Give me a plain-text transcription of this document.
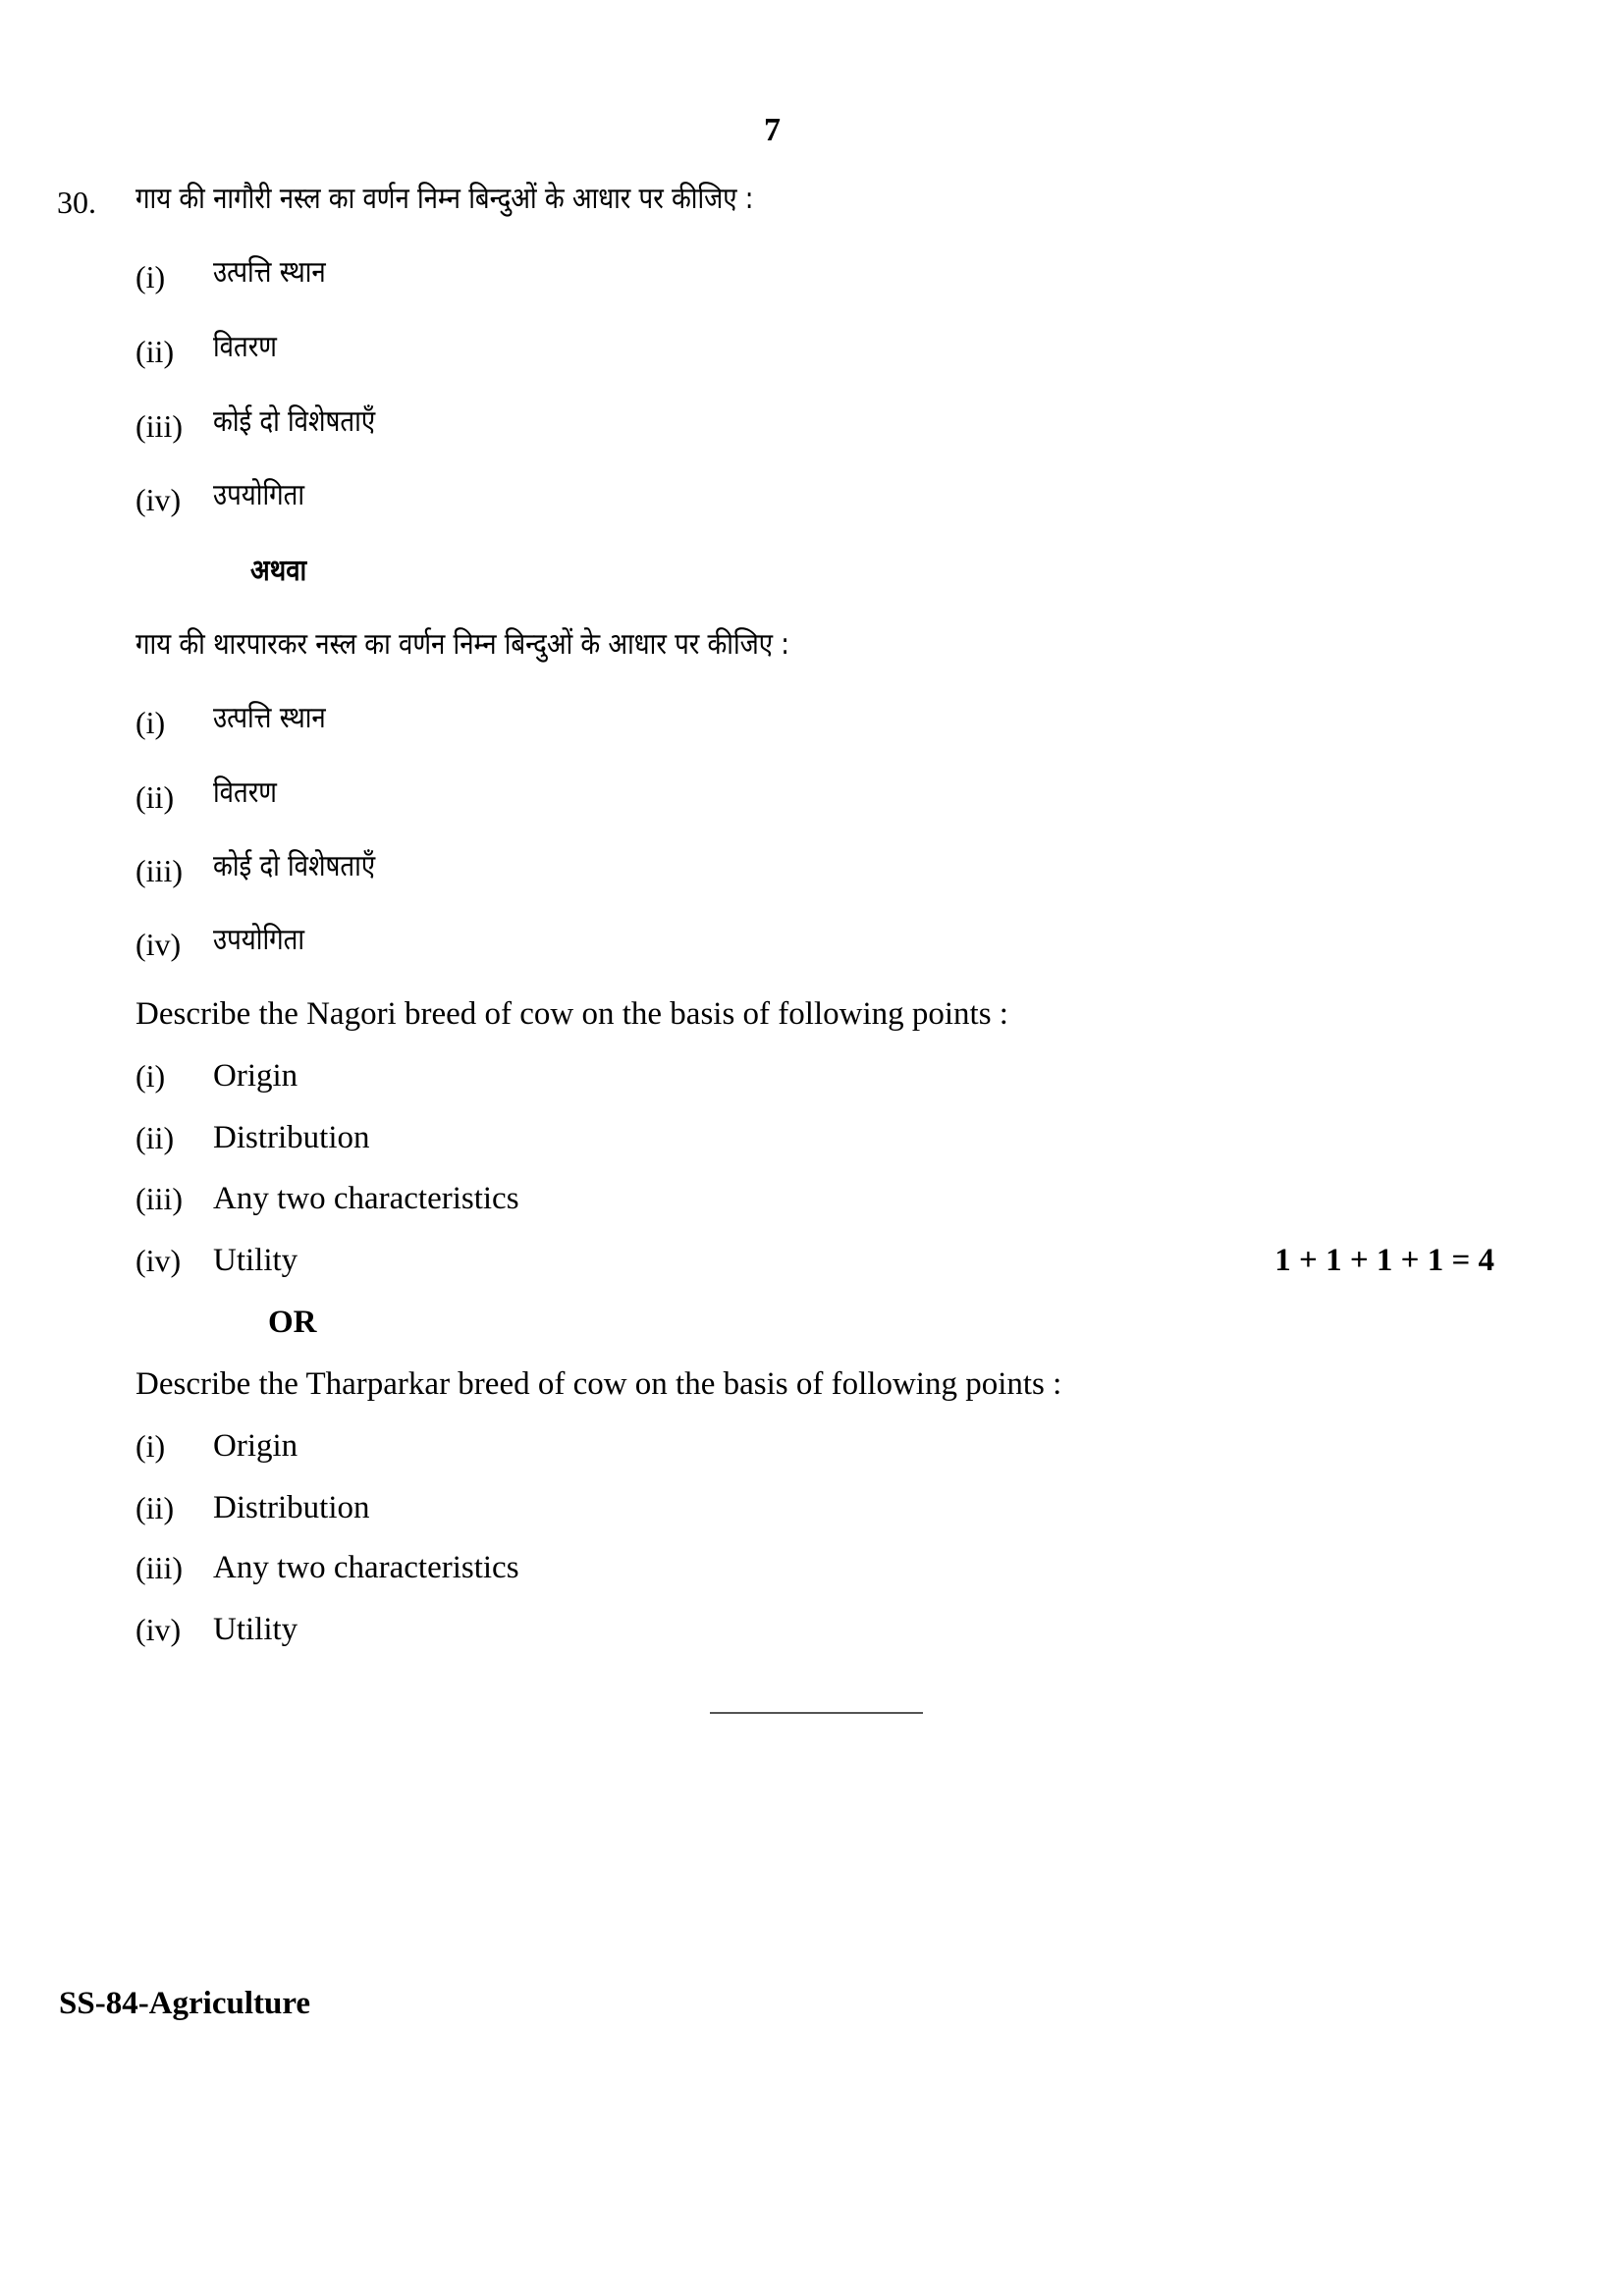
7
30. गाय की नागौरी नस्ल का वर्णन निम्न बिन्दुओं के आधार पर कीजिए :
(i) उत्पत्ति स्थान
(ii) वितरण
(iii) कोई दो विशेषताएँ
(iv) उपयोगिता
अथवा
गाय की थारपारकर नस्ल का वर्णन निम्न बिन्दुओं के आधार पर कीजिए :
(i) उत्पत्ति स्थान
(ii) वितरण
(iii) कोई दो विशेषताएँ
(iv) उपयोगिता
Describe the Nagori breed of cow on the basis of following points :
(i) Origin
(ii) Distribution
(iii) Any two characteristics
(iv) Utility	1 + 1 + 1 + 1 = 4
OR
Describe the Tharparkar breed of cow on the basis of following points :
(i) Origin
(ii) Distribution
(iii) Any two characteristics
(iv) Utility
SS-84-Agriculture
